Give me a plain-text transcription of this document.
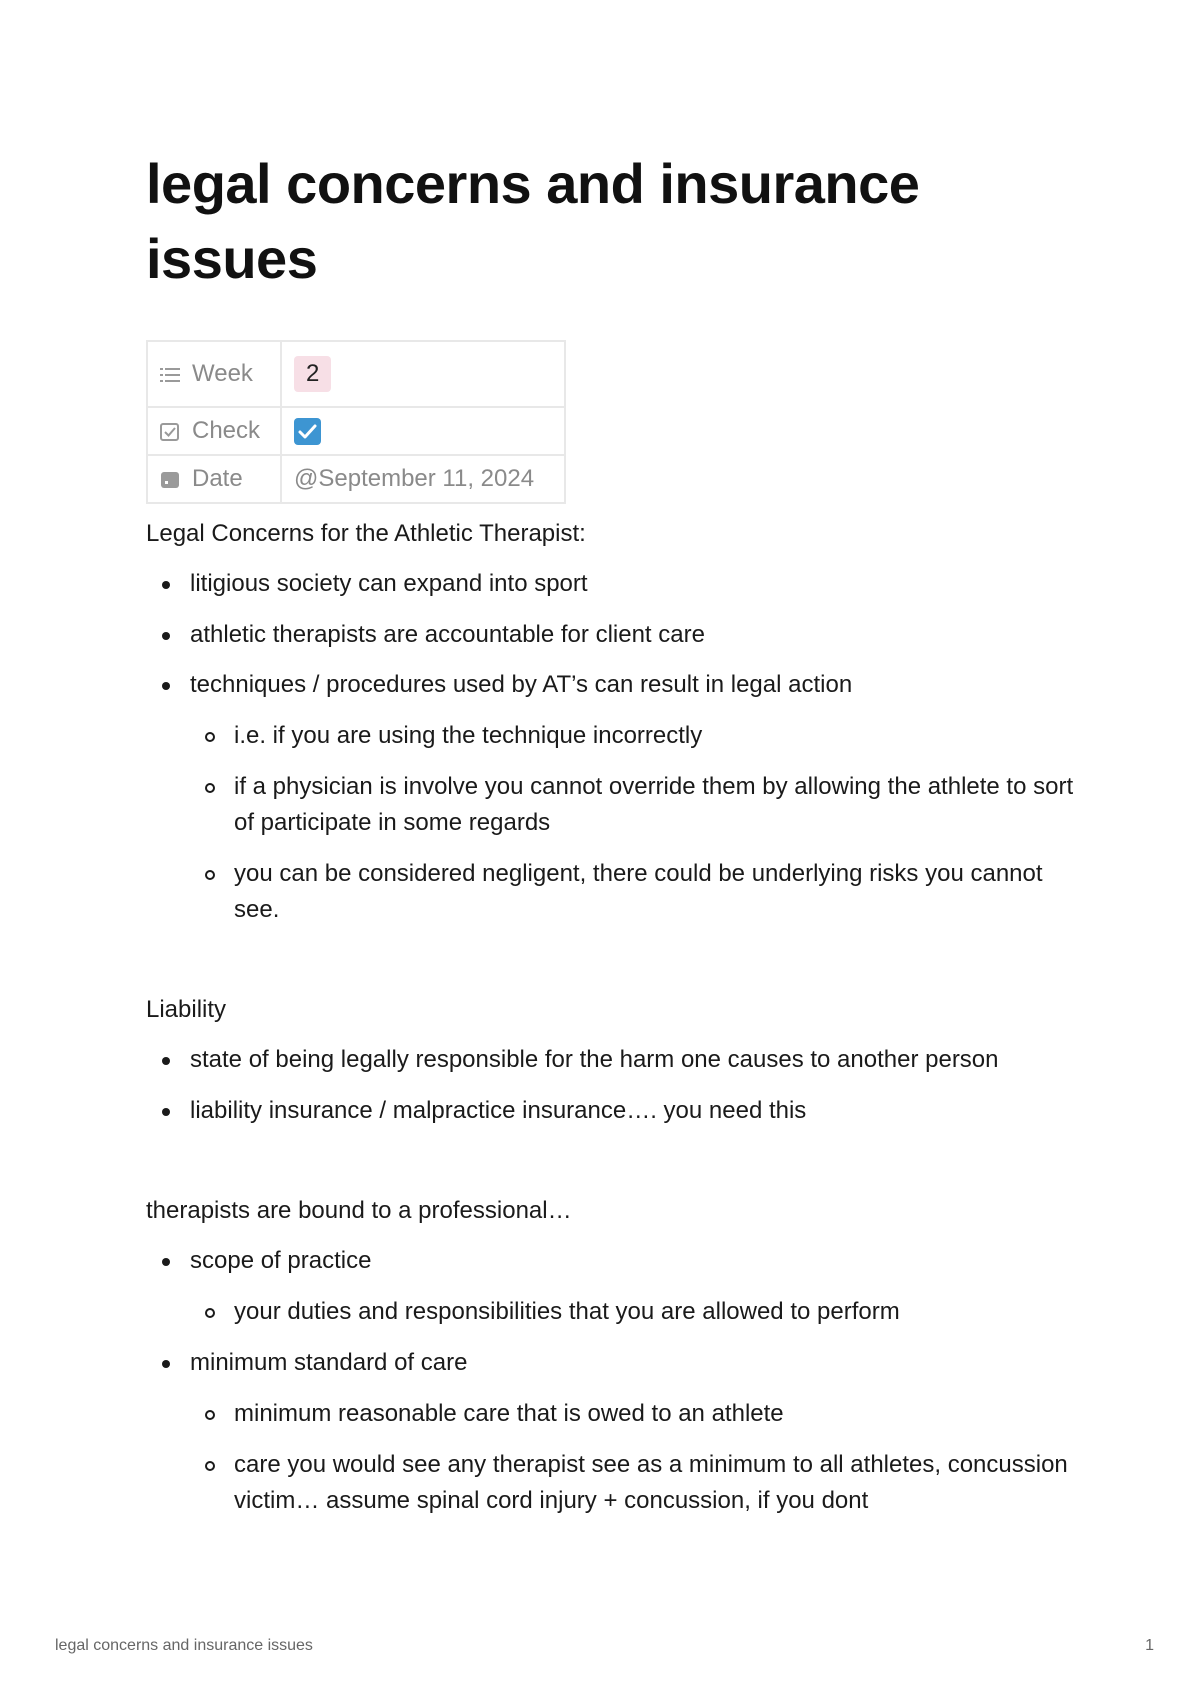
legal concerns and insurance issues
Week	2
Check	
Date	@September 11, 2024

Legal Concerns for the Athletic Therapist:

litigious society can expand into sport
athletic therapists are accountable for client care
techniques / procedures used by AT’s can result in legal action
i.e. if you are using the technique incorrectly
if a physician is involve you cannot override them by allowing the athlete to sort of participate in some regards
you can be considered negligent, there could be underlying risks you cannot see.

Liability

state of being legally responsible for the harm one causes to another person
liability insurance / malpractice insurance…. you need this

therapists are bound to a professional…

scope of practice
your duties and responsibilities that you are allowed to perform
minimum standard of care
minimum reasonable care that is owed to an athlete
care you would see any therapist see as a minimum to all athletes, concussion victim… assume spinal cord injury + concussion, if you dont
legal concerns and insurance issues	1
